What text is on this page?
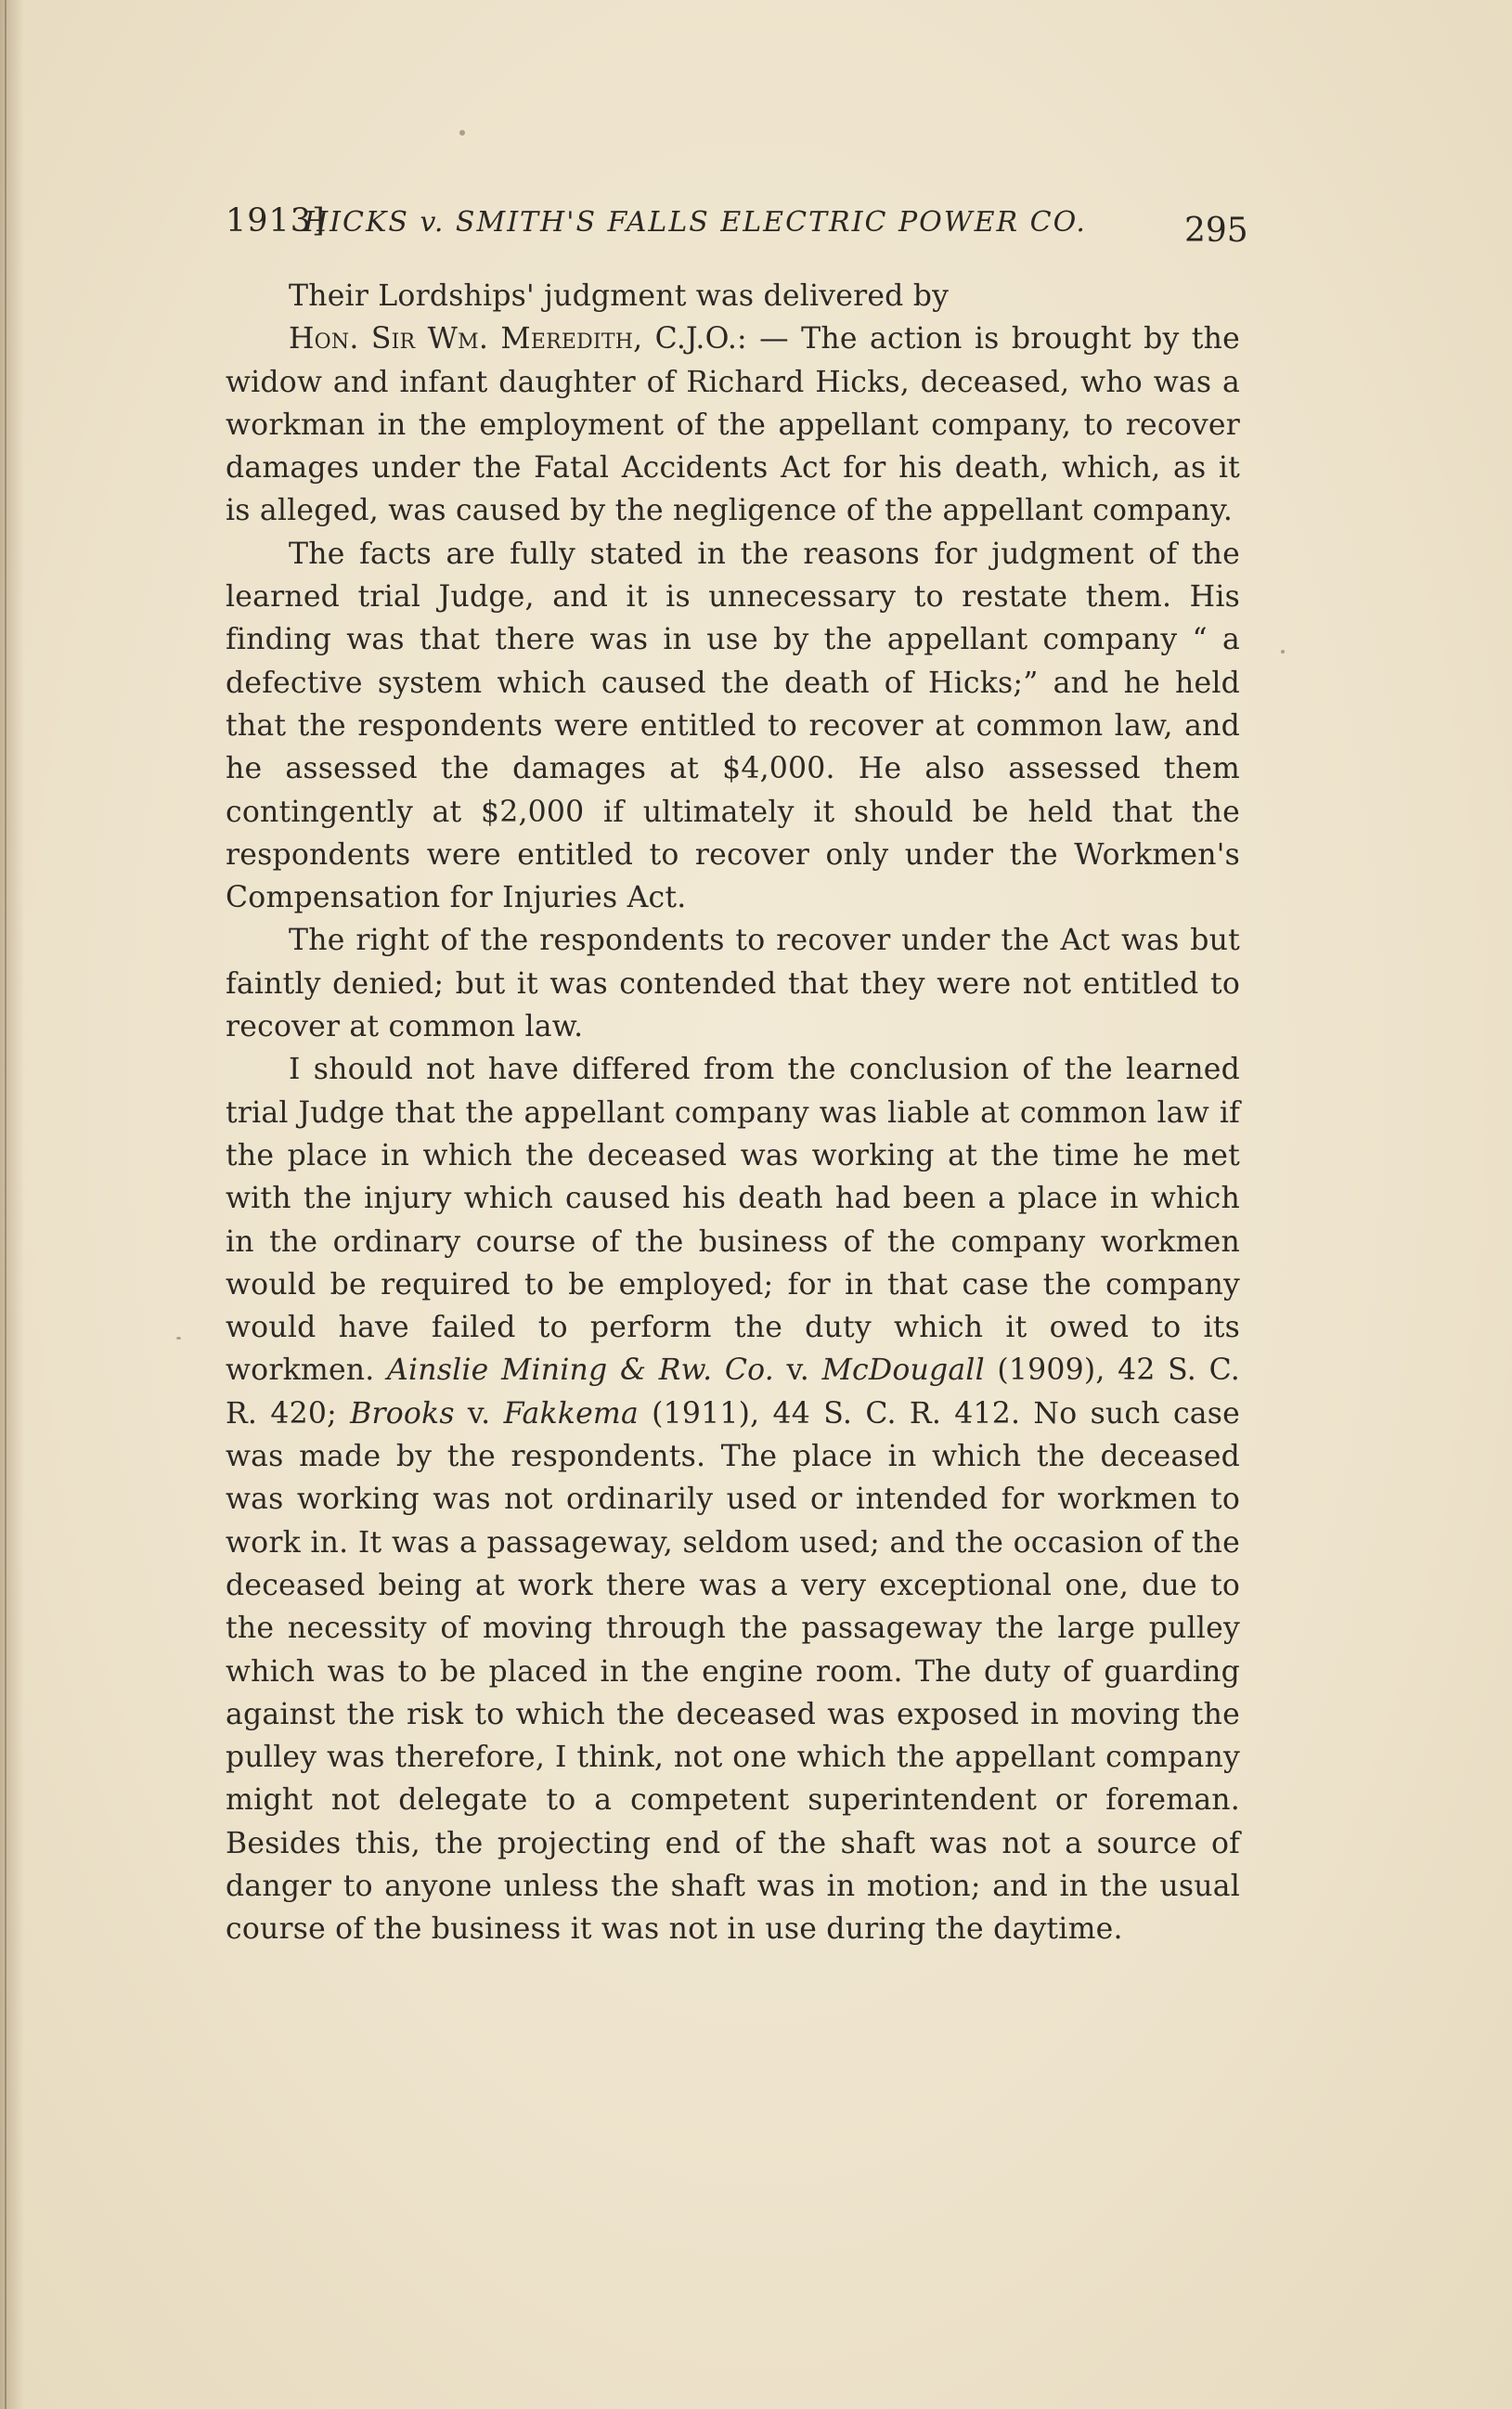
1913]
HICKS v. SMITH'S FALLS ELECTRIC POWER CO.	295

Their Lordships' judgment was delivered by

Hon. Sir Wm. Meredith, C.J.O.: — The action is brought by the widow and infant daughter of Richard Hicks, deceased, who was a workman in the employment of the appellant company, to recover damages under the Fatal Accidents Act for his death, which, as it is alleged, was caused by the negligence of the appellant company.

The facts are fully stated in the reasons for judgment of the learned trial Judge, and it is unnecessary to restate them. His finding was that there was in use by the appellant company “ a defective system which caused the death of Hicks;” and he held that the respondents were entitled to recover at common law, and he assessed the damages at $4,000. He also assessed them contingently at $2,000 if ultimately it should be held that the respondents were entitled to recover only under the Workmen's Compensation for Injuries Act.

The right of the respondents to recover under the Act was but faintly denied; but it was contended that they were not entitled to recover at common law.

I should not have differed from the conclusion of the learned trial Judge that the appellant company was liable at common law if the place in which the deceased was working at the time he met with the injury which caused his death had been a place in which in the ordinary course of the business of the company workmen would be required to be employed; for in that case the company would have failed to perform the duty which it owed to its workmen. Ainslie Mining & Rw. Co. v. McDougall (1909), 42 S. C. R. 420; Brooks v. Fakkema (1911), 44 S. C. R. 412. No such case was made by the respondents. The place in which the deceased was working was not ordinarily used or intended for workmen to work in. It was a passageway, seldom used; and the occasion of the deceased being at work there was a very exceptional one, due to the necessity of moving through the passageway the large pulley which was to be placed in the engine room. The duty of guarding against the risk to which the deceased was exposed in moving the pulley was therefore, I think, not one which the appellant company might not delegate to a competent superintendent or foreman. Besides this, the projecting end of the shaft was not a source of danger to anyone unless the shaft was in motion; and in the usual course of the business it was not in use during the daytime.
